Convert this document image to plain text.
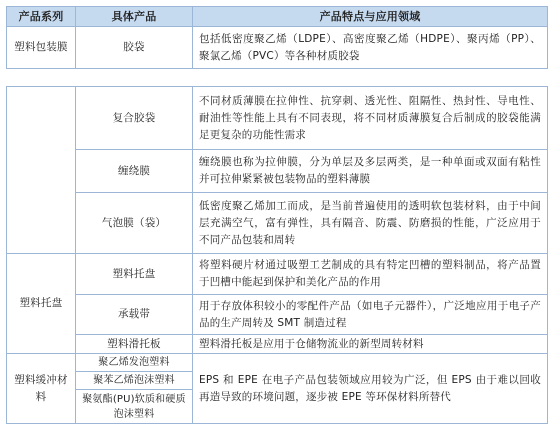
产品系列	具体产品	产品特点与应用领域
塑料包装膜	胶袋	包括低密度聚乙烯（LDPE）、高密度聚乙烯（HDPE）、聚丙烯（PP）、聚氯乙烯（PVC）等各种材质胶袋
	复合胶袋	不同材质薄膜在拉伸性、抗穿刺、透光性、阻隔性、热封性、导电性、耐油性等性能上具有不同表现，将不同材质薄膜复合后制成的胶袋能满足更复杂的功能性需求
	缠绕膜	缠绕膜也称为拉伸膜，分为单层及多层两类，是一种单面或双面有粘性并可拉伸紧紧被包装物品的塑料薄膜
	气泡膜（袋）	低密度聚乙烯加工而成，是当前普遍使用的透明软包装材料，由于中间层充满空气，富有弹性，具有隔音、防震、防磨损的性能，广泛应用于不同产品包装和周转
塑料托盘	塑料托盘	将塑料硬片材通过吸塑工艺制成的具有特定凹槽的塑料制品，将产品置于凹槽中能起到保护和美化产品的作用
	承载带	用于存放体积较小的零配件产品（如电子元器件），广泛地应用于电子产品的生产周转及 SMT 制造过程
	塑料滑托板	塑料滑托板是应用于仓储物流业的新型周转材料
塑料缓冲材料	聚乙烯发泡塑料	EPS 和 EPE 在电子产品包装领域应用较为广泛，但 EPS 由于难以回收再造导致的环境问题，逐步被 EPE 等环保材料所替代
	聚苯乙烯泡沫塑料	
	聚氨酯(PU)软质和硬质泡沫塑料	
